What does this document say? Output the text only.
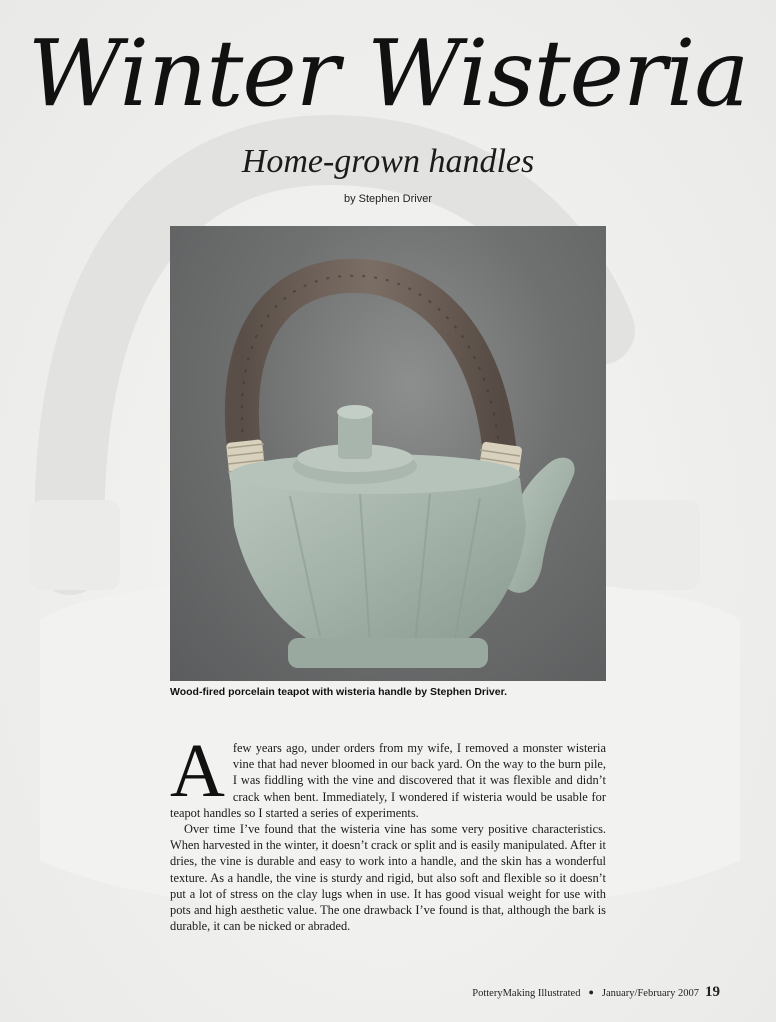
Winter Wisteria
Home-grown handles
by Stephen Driver
Wood-fired porcelain teapot with wisteria handle by Stephen Driver.

Afew years ago, under orders from my wife, I removed a monster wisteria vine that had never bloomed in our back yard. On the way to the burn pile, I was fiddling with the vine and discovered that it was flexible and didn’t crack when bent. Immediately, I wondered if wisteria would be usable for teapot handles so I started a series of experiments.

Over time I’ve found that the wisteria vine has some very positive characteristics. When harvested in the winter, it doesn’t crack or split and is easily manipulated. After it dries, the vine is durable and easy to work into a handle, and the skin has a wonderful texture. As a handle, the vine is sturdy and rigid, but also soft and flexible so it doesn’t put a lot of stress on the clay lugs when in use. It has good visual weight for use with pots and high aesthetic value. The one drawback I’ve found is that, although the bark is durable, it can be nicked or abraded.

PotteryMaking Illustrated ● January/February 2007 19
